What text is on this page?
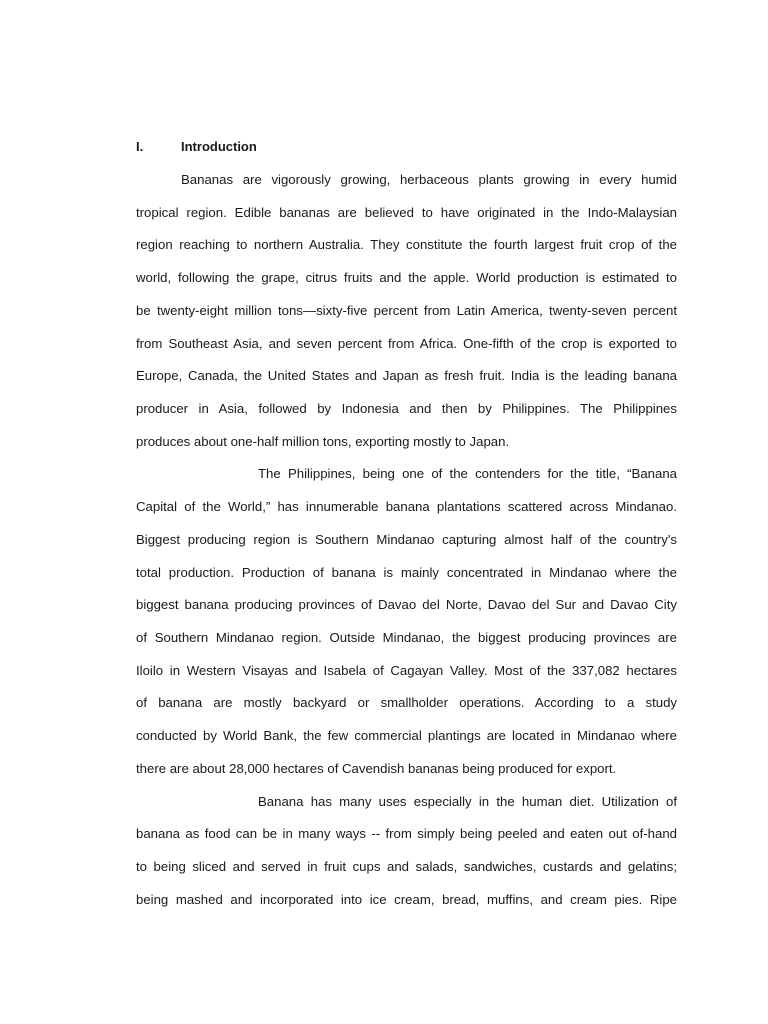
I.	Introduction
Bananas are vigorously growing, herbaceous plants growing in every humid
tropical region. Edible bananas are believed to have originated in the Indo-Malaysian
region reaching to northern Australia. They constitute the fourth largest fruit crop of the
world, following the grape, citrus fruits and the apple. World production is estimated to
be twenty-eight million tons—sixty-five percent from Latin America, twenty-seven percent
from Southeast Asia, and seven percent from Africa. One-fifth of the crop is exported to
Europe, Canada, the United States and Japan as fresh fruit. India is the leading banana
producer in Asia, followed by Indonesia and then by Philippines. The Philippines
produces about one-half million tons, exporting mostly to Japan.
The Philippines, being one of the contenders for the title, “Banana
Capital of the World,” has innumerable banana plantations scattered across Mindanao.
Biggest producing region is Southern Mindanao capturing almost half of the country's
total production. Production of banana is mainly concentrated in Mindanao where the
biggest banana producing provinces of Davao del Norte, Davao del Sur and Davao City
of Southern Mindanao region. Outside Mindanao, the biggest producing provinces are
Iloilo in Western Visayas and Isabela of Cagayan Valley. Most of the 337,082 hectares
of banana are mostly backyard or smallholder operations. According to a study
conducted by World Bank, the few commercial plantings are located in Mindanao where
there are about 28,000 hectares of Cavendish bananas being produced for export.
Banana has many uses especially in the human diet. Utilization of
banana as food can be in many ways -- from simply being peeled and eaten out of-hand
to being sliced and served in fruit cups and salads, sandwiches, custards and gelatins;
being mashed and incorporated into ice cream, bread, muffins, and cream pies. Ripe
